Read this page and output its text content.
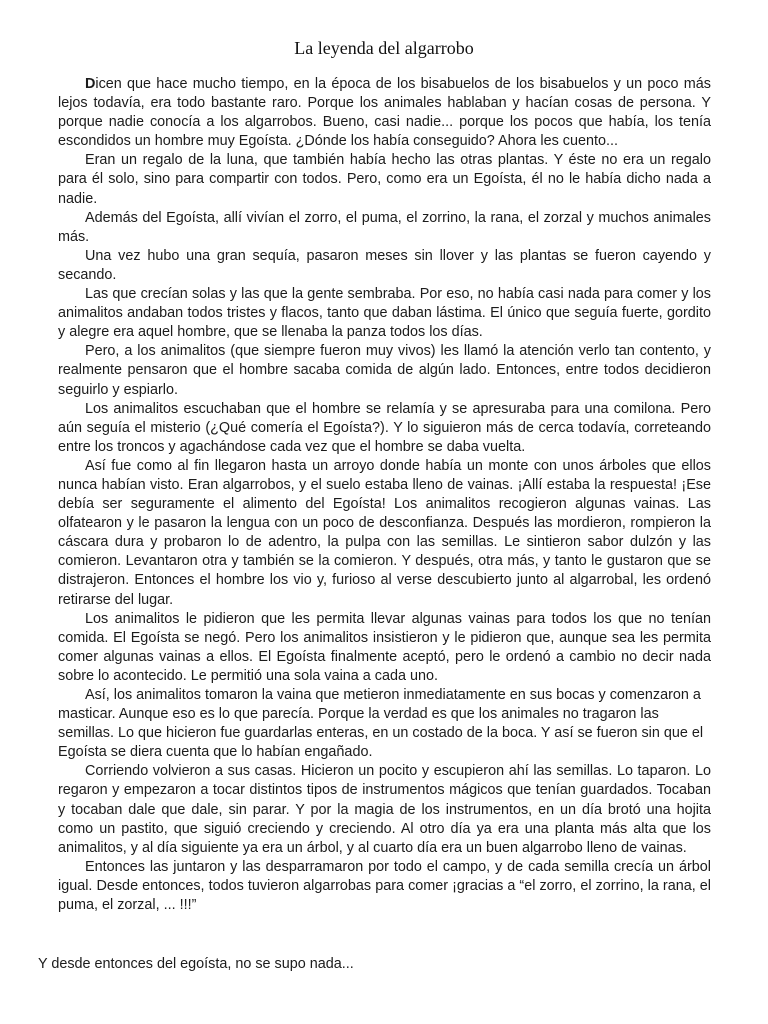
La leyenda del algarrobo

Dicen que hace mucho tiempo, en la época de los bisabuelos de los bisabuelos y un poco más lejos todavía, era todo bastante raro. Porque los animales hablaban y hacían cosas de persona. Y porque nadie conocía a los algarrobos. Bueno, casi nadie... porque los pocos que había, los tenía escondidos un hombre muy Egoísta. ¿Dónde los había conseguido? Ahora les cuento...

Eran un regalo de la luna, que también había hecho las otras plantas. Y éste no era un regalo para él solo, sino para compartir con todos. Pero, como era un Egoísta, él no le había dicho nada a nadie.

Además del Egoísta, allí vivían el zorro, el puma, el zorrino, la rana, el zorzal y muchos animales más.

Una vez hubo una gran sequía, pasaron meses sin llover y las plantas se fueron cayendo y secando.

Las que crecían solas y las que la gente sembraba. Por eso, no había casi nada para comer y los animalitos andaban todos tristes y flacos, tanto que daban lástima. El único que seguía fuerte, gordito y alegre era aquel hombre, que se llenaba la panza todos los días.

Pero, a los animalitos (que siempre fueron muy vivos) les llamó la atención verlo tan contento, y realmente pensaron que el hombre sacaba comida de algún lado. Entonces, entre todos decidieron seguirlo y espiarlo.

Los animalitos escuchaban que el hombre se relamía y se apresuraba para una comilona. Pero aún seguía el misterio (¿Qué comería el Egoísta?). Y lo siguieron más de cerca todavía, correteando entre los troncos y agachándose cada vez que el hombre se daba vuelta.

Así fue como al fin llegaron hasta un arroyo donde había un monte con unos árboles que ellos nunca habían visto. Eran algarrobos, y el suelo estaba lleno de vainas. ¡Allí estaba la respuesta! ¡Ese debía ser seguramente el alimento del Egoísta! Los animalitos recogieron algunas vainas. Las olfatearon y le pasaron la lengua con un poco de desconfianza. Después las mordieron, rompieron la cáscara dura y probaron lo de adentro, la pulpa con las semillas. Le sintieron sabor dulzón y las comieron. Levantaron otra y también se la comieron. Y después, otra más, y tanto le gustaron que se distrajeron. Entonces el hombre los vio y, furioso al verse descubierto junto al algarrobal, les ordenó retirarse del lugar.

Los animalitos le pidieron que les permita llevar algunas vainas para todos los que no tenían comida. El Egoísta se negó. Pero los animalitos insistieron y le pidieron que, aunque sea les permita comer algunas vainas a ellos. El Egoísta finalmente aceptó, pero le ordenó a cambio no decir nada sobre lo acontecido. Le permitió una sola vaina a cada uno.

Así, los animalitos tomaron la vaina que metieron inmediatamente en sus bocas y comenzaron a masticar. Aunque eso es lo que parecía. Porque la verdad es que los animales no tragaron las semillas. Lo que hicieron fue guardarlas enteras, en un costado de la boca. Y así se fueron sin que el Egoísta se diera cuenta que lo habían engañado.

Corriendo volvieron a sus casas. Hicieron un pocito y escupieron ahí las semillas. Lo taparon. Lo regaron y empezaron a tocar distintos tipos de instrumentos mágicos que tenían guardados. Tocaban y tocaban dale que dale, sin parar. Y por la magia de los instrumentos, en un día brotó una hojita como un pastito, que siguió creciendo y creciendo. Al otro día ya era una planta más alta que los animalitos, y al día siguiente ya era un árbol, y al cuarto día era un buen algarrobo lleno de vainas.

Entonces las juntaron y las desparramaron por todo el campo, y de cada semilla crecía un árbol igual. Desde entonces, todos tuvieron algarrobas para comer ¡gracias a “el zorro, el zorrino, la rana, el puma, el zorzal, ... !!!”

Y desde entonces del egoísta, no se supo nada...
